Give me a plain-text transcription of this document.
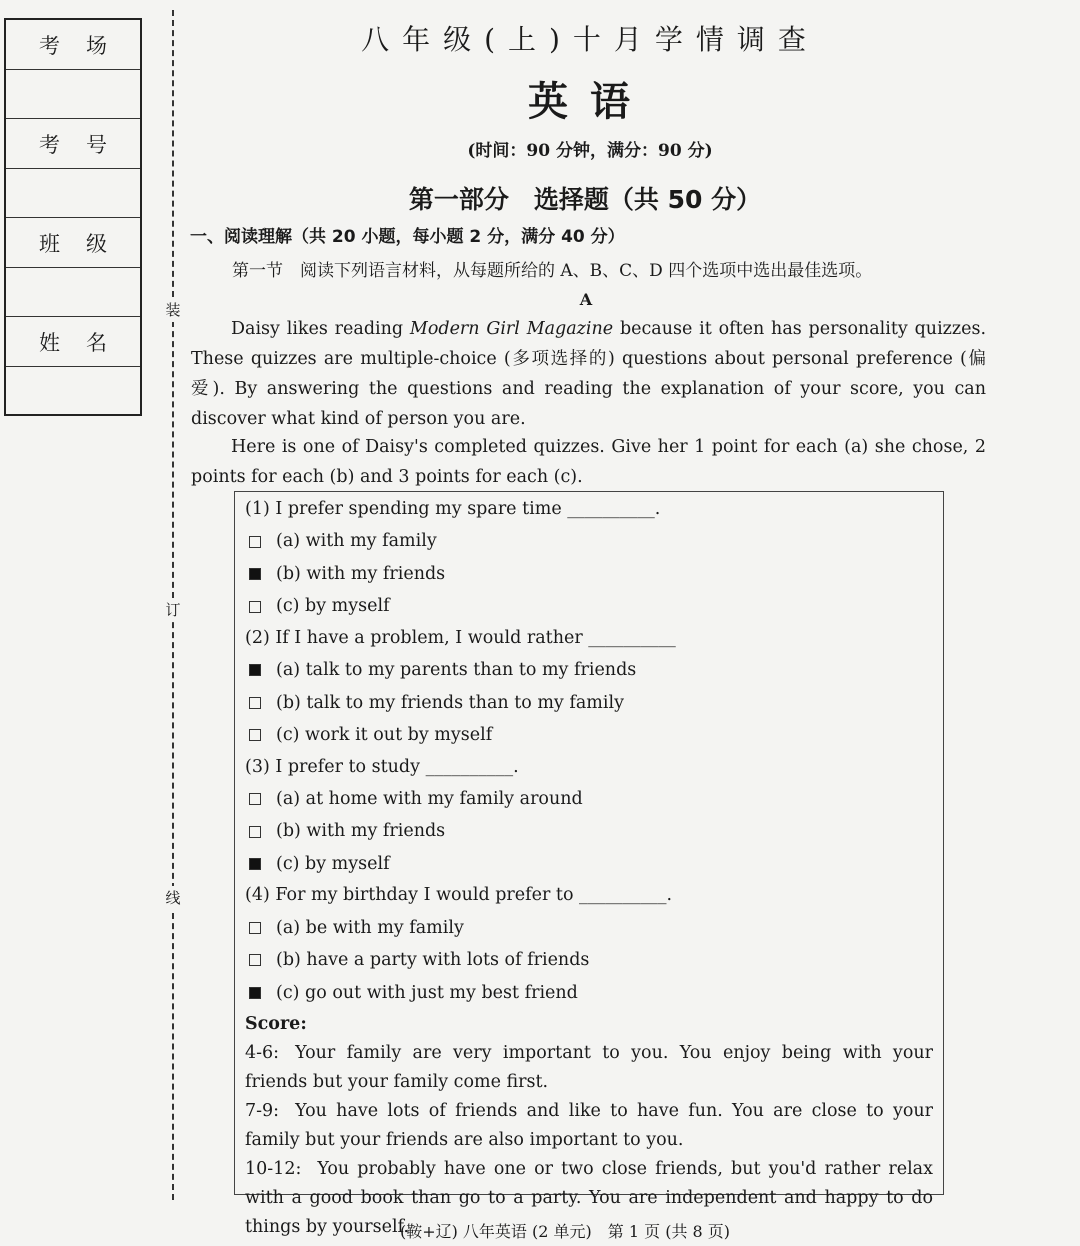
考场
考号
班级
姓名
装
订
线
八年级(上)十月学情调查
英语
(时间：90 分钟，满分：90 分)
第一部分　选择题（共 50 分）
一、阅读理解（共 20 小题，每小题 2 分，满分 40 分）
第一节　阅读下列语言材料，从每题所给的 A、B、C、D 四个选项中选出最佳选项。
A

Daisy likes reading Modern Girl Magazine because it often has personality quizzes. These quizzes are multiple-choice (多项选择的) questions about personal preference (偏爱). By answering the questions and reading the explanation of your score, you can discover what kind of person you are.

Here is one of Daisy's completed quizzes. Give her 1 point for each (a) she chose, 2 points for each (b) and 3 points for each (c).

(1) I prefer spending my spare time __________.
(a) with my family
(b) with my friends
(c) by myself
(2) If I have a problem, I would rather __________
(a) talk to my parents than to my friends
(b) talk to my friends than to my family
(c) work it out by myself
(3) I prefer to study __________.
(a) at home with my family around
(b) with my friends
(c) by myself
(4) For my birthday I would prefer to __________.
(a) be with my family
(b) have a party with lots of friends
(c) go out with just my best friend
Score:
4-6: Your family are very important to you. You enjoy being with your friends but your family come first.
7-9: You have lots of friends and like to have fun. You are close to your family but your friends are also important to you.
10-12: You probably have one or two close friends, but you'd rather relax with a good book than go to a party. You are independent and happy to do things by yourself.
(鞍+辽) 八年英语 (2 单元)　第 1 页 (共 8 页)
